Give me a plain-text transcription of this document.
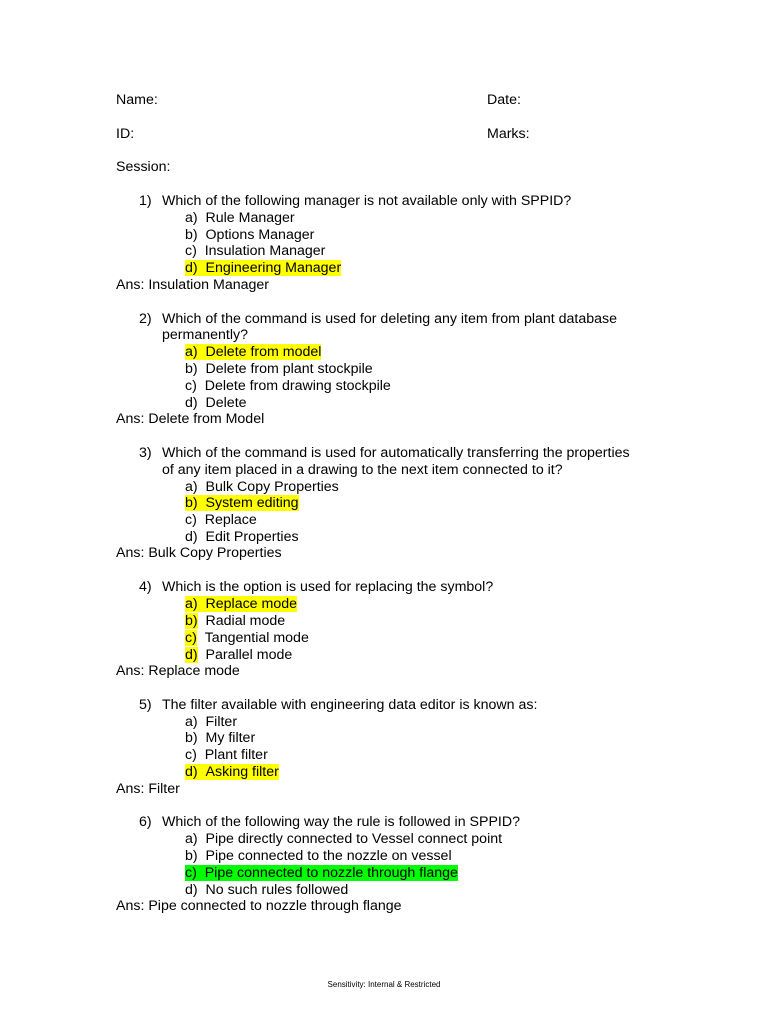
Name:	Date:
ID:	Marks:
Session:
1) Which of the following manager is not available only with SPPID?
a) Rule Manager
b) Options Manager
c) Insulation Manager
d) Engineering Manager
Ans: Insulation Manager
2) Which of the command is used for deleting any item from plant database
permanently?
a) Delete from model
b) Delete from plant stockpile
c) Delete from drawing stockpile
d) Delete
Ans: Delete from Model
3) Which of the command is used for automatically transferring the properties
of any item placed in a drawing to the next item connected to it?
a) Bulk Copy Properties
b) System editing
c) Replace
d) Edit Properties
Ans: Bulk Copy Properties
4) Which is the option is used for replacing the symbol?
a) Replace mode
b) Radial mode
c) Tangential mode
d) Parallel mode
Ans: Replace mode
5) The filter available with engineering data editor is known as:
a) Filter
b) My filter
c) Plant filter
d) Asking filter
Ans: Filter
6) Which of the following way the rule is followed in SPPID?
a) Pipe directly connected to Vessel connect point
b) Pipe connected to the nozzle on vessel
c) Pipe connected to nozzle through flange
d) No such rules followed
Ans: Pipe connected to nozzle through flange
Sensitivity: Internal & Restricted
